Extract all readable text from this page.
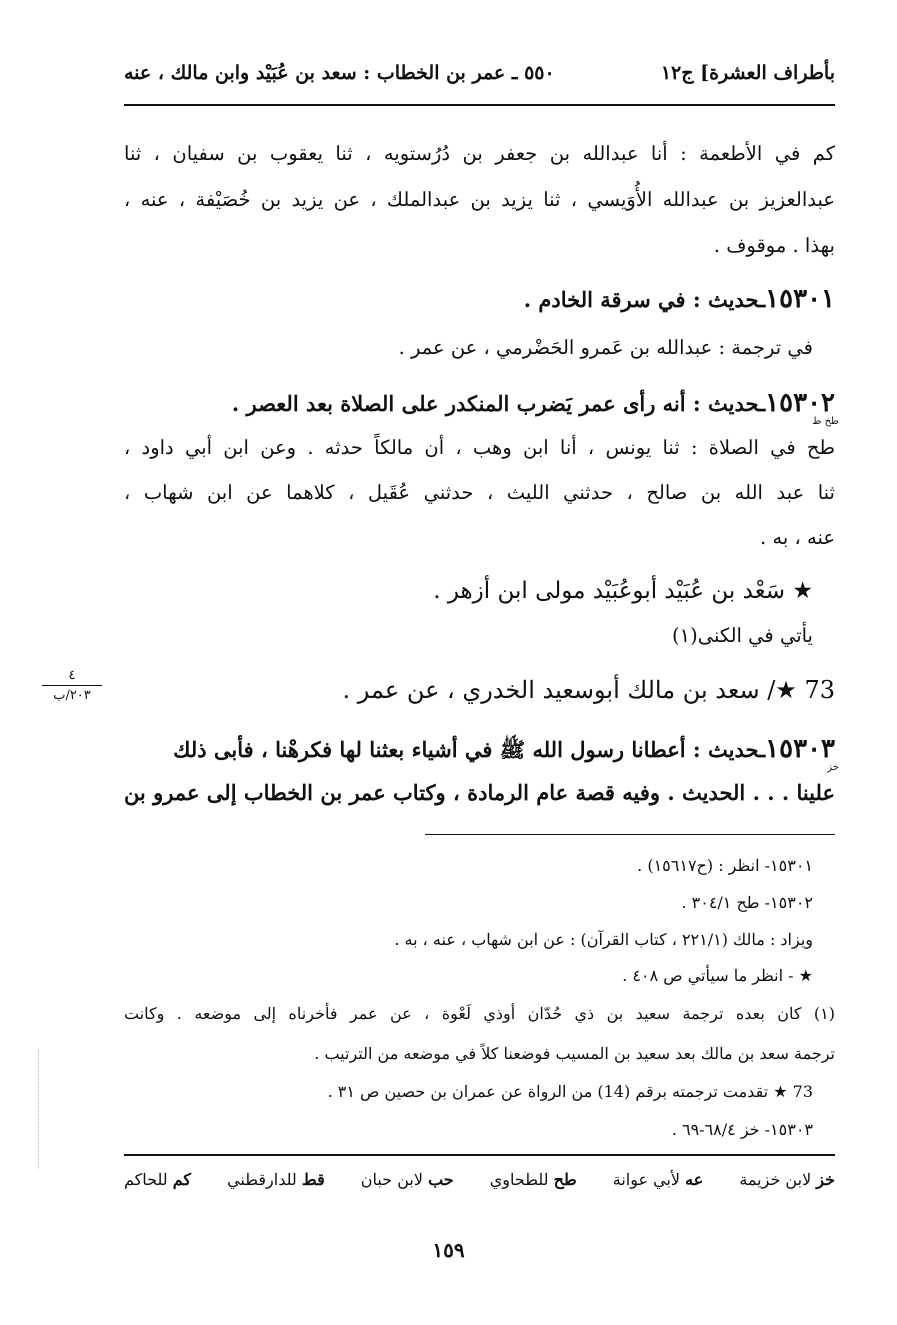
بأطراف العشرة] ج١٢
٥٥٠ ـ عمر بن الخطاب : سعد بن عُبَيْد وابن مالك ، عنه
كم في الأطعمة : أنا عبدالله بن جعفر بن دُرُستويه ، ثنا يعقوب بن سفيان ، ثنا
عبدالعزيز بن عبدالله الأُوَيسي ، ثنا يزيد بن عبدالملك ، عن يزيد بن خُصَيْفة ، عنه ،
بهذا . موقوف .
١٥٣٠١ـحديث : في سرقة الخادم .
في ترجمة : عبدالله بن عَمرو الحَضْرمي ، عن عمر .
١٥٣٠٢ـحديث : أنه رأى عمر يَضرب المنكدر على الصلاة بعد العصر .
طح ط
طح في الصلاة : ثنا يونس ، أنا ابن وهب ، أن مالكاً حدثه . وعن ابن أبي داود ،
ثنا عبد الله بن صالح ، حدثني الليث ، حدثني عُقَيل ، كلاهما عن ابن شهاب ،
عنه ، به .
★ سَعْد بن عُبَيْد أبوعُبَيْد مولى ابن أزهر .
يأتي في الكنى(١)
73 ★/ سعد بن مالك أبوسعيد الخدري ، عن عمر .
٤
٢٠٣/ب
١٥٣٠٣ـحديث : أعطانا رسول الله ﷺ في أشياء بعثنا لها فكرهْنا ، فأبى ذلك
خز
علينا . . . الحديث . وفيه قصة عام الرمادة ، وكتاب عمر بن الخطاب إلى عمرو بن
١٥٣٠١- انظر : (ح١٥٦١٧) .
١٥٣٠٢- طح ٣٠٤/١ .
ويزاد : مالك (٢٢١/١ ، كتاب القرآن) : عن ابن شهاب ، عنه ، به .
★ - انظر ما سيأتي ص ٤٠٨ .
(١) كان بعده ترجمة سعيد بن ذي حُدّان أوذي لَعْوة ، عن عمر فأخرناه إلى موضعه . وكانت
ترجمة سعد بن مالك بعد سعيد بن المسيب فوضعنا كلاً في موضعه من الترتيب .
73 ★ تقدمت ترجمته برقم (14) من الرواة عن عمران بن حصين ص ٣١ .
١٥٣٠٣- خز ٦٨/٤-٦٩ .
خز لابن خزيمة
عه لأبي عوانة
طح للطحاوي
حب لابن حبان
قط للدارقطني
كم للحاكم
١٥٩
